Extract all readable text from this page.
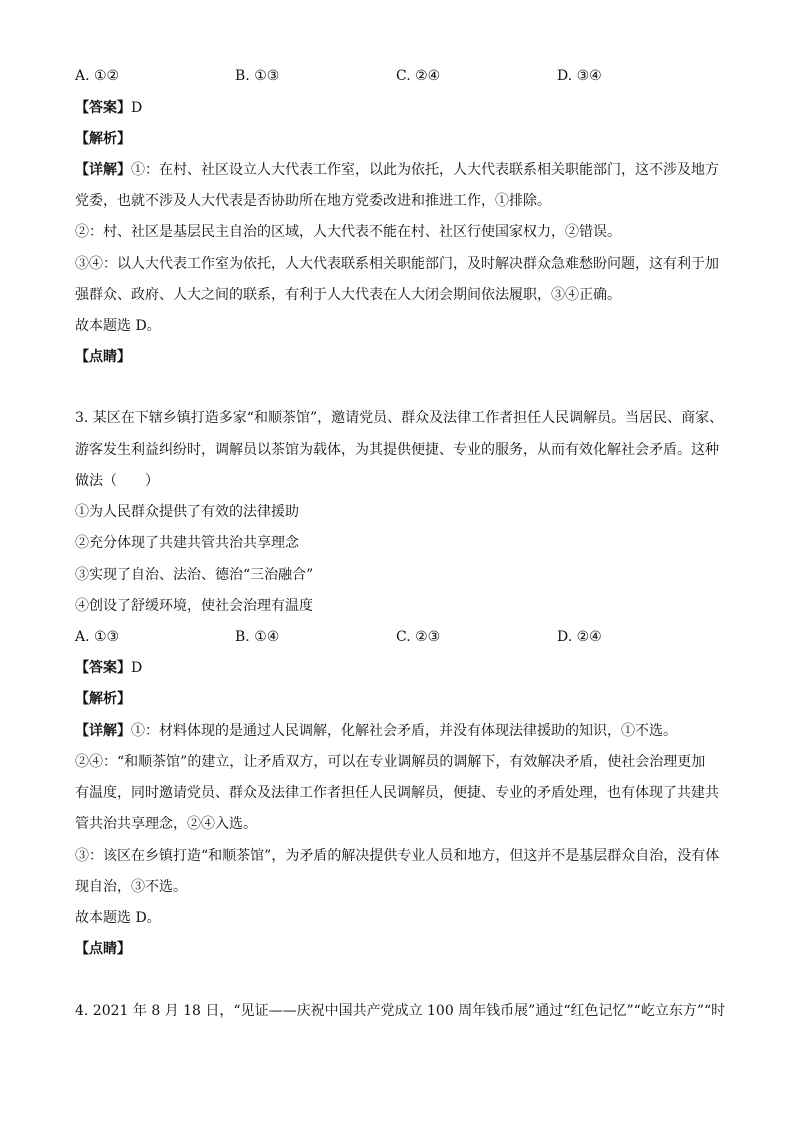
A. ①②	B. ①③	C. ②④	D. ③④
【答案】D
【解析】
【详解】①：在村、社区设立人大代表工作室，以此为依托，人大代表联系相关职能部门，这不涉及地方
党委，也就不涉及人大代表是否协助所在地方党委改进和推进工作，①排除。
②：村、社区是基层民主自治的区域，人大代表不能在村、社区行使国家权力，②错误。
③④：以人大代表工作室为依托，人大代表联系相关职能部门，及时解决群众急难愁盼问题，这有利于加
强群众、政府、人大之间的联系，有利于人大代表在人大闭会期间依法履职，③④正确。
故本题选 D。
【点睛】
3. 某区在下辖乡镇打造多家“和顺茶馆”，邀请党员、群众及法律工作者担任人民调解员。当居民、商家、
游客发生利益纠纷时，调解员以茶馆为载体，为其提供便捷、专业的服务，从而有效化解社会矛盾。这种
做法（　　）
①为人民群众提供了有效的法律援助
②充分体现了共建共管共治共享理念
③实现了自治、法治、德治“三治融合”
④创设了舒缓环境，使社会治理有温度
A. ①③	B. ①④	C. ②③	D. ②④
【答案】D
【解析】
【详解】①：材料体现的是通过人民调解，化解社会矛盾，并没有体现法律援助的知识，①不选。
②④：“和顺茶馆”的建立，让矛盾双方，可以在专业调解员的调解下，有效解决矛盾，使社会治理更加
有温度，同时邀请党员、群众及法律工作者担任人民调解员，便捷、专业的矛盾处理，也有体现了共建共
管共治共享理念，②④入选。
③：该区在乡镇打造“和顺茶馆”，为矛盾的解决提供专业人员和地方，但这并不是基层群众自治，没有体
现自治，③不选。
故本题选 D。
【点睛】
4. 2021 年 8 月 18 日，“见证——庆祝中国共产党成立 100 周年钱币展”通过“红色记忆”“屹立东方”“时
